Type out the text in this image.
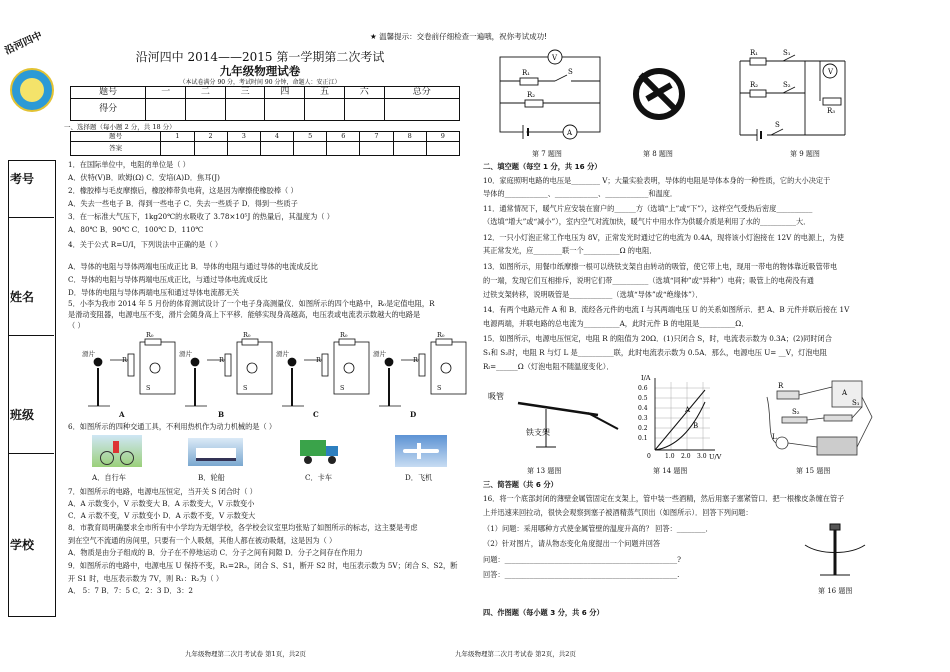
沿河四中
考号
姓名
班级
学校
★ 温馨提示：交卷前仔细检查一遍哦，祝你考试成功!
沿河四中 2014——2015 第一学期第二次考试
九年级物理试卷
（本试卷满分 90 分，考试时间 90 分钟，命题人：安正江）
题号	一	二	三	四	五	六	总分
得分							
一、选择题（每小题 2 分，共 18 分）
题号	1	2	3	4	5	6	7	8	9
答案									
1．在国际单位中，电阻的单位是（ ）
A．伏特(V)B．欧姆(Ω) C．安培(A)D．焦耳(J)
2．橡胶棒与毛皮摩擦后，橡胶棒带负电荷，这是因为摩擦使橡胶棒（ ）
A．失去一些电子 B．得到一些电子 C．失去一些质子 D．得到一些质子
3．在一标准大气压下，1kg20℃的水吸收了 3.78×10⁵J 的热量后，其温度为（ ）
A．80℃ B．90℃ C．100℃ D．110℃
4．关于公式 R=U/I，下列说法中正确的是（ ）
A．导体的电阻与导体两端电压成正比 B．导体的电阻与通过导体的电流成反比
C．导体的电阻与导体两端电压成正比，与通过导体电流成反比
D．导体的电阻与导体两端电压和通过导体电流都无关
5．小李为我市 2014 年 5 月份的体育测试设计了一个电子身高测量仪．如图所示的四个电路中，R₀是定值电阻，R
是滑动变阻器，电源电压不变，滑片会随身高上下平移．能够实现身高越高，电压表或电流表示数越大的电路是
（ ）
滑片
R₀
R
S
滑片
R₀
R
S
滑片
R₀
R
S
滑片
R₀
R
S
A	B	C	D
6．如图所示的四种交通工具，不利用热机作为动力机械的是（ ）
A．自行车	B．轮船	C．卡车	D．飞机
7．如图所示的电路，电源电压恒定，当开关 S 闭合时（ ）
A．A 示数变小，V 示数变大 B．A 示数变大，V 示数变小
C．A 示数不变，V 示数变小 D．A 示数不变，V 示数变大
8．市教育局明确要求全市所有中小学均为无烟学校，各学校会议室里均张贴了如图所示的标志，这主要是考虑
到在空气不流通的房间里，只要有一个人吸烟，其他人都在被动吸烟，这是因为（ ）
A．物质是由分子组成的 B．分子在不停地运动 C．分子之间有间隙 D．分子之间存在作用力
9．如图所示的电路中，电源电压 U 保持不变，R₁=2R₂，闭合 S、S1，断开 S2 时，电压表示数为 5V；闭合 S、S2，断
开 S1 时，电压表示数为 7V，则 R₁：R₂为（ ）
A． 5：7 B．7：5 C．2：3 D．3：2
V
A
R₁
R₂
S
R₁	S₁
R₂	S₂
V
R₃
S
第 7 题图	第 8 题图	第 9 题图
二、填空题（每空 1 分，共 16 分）
10．家庭照明电路的电压是________ V；大量实验表明，导体的电阻是导体本身的一种性质，它的大小决定于
导体的____________、____________、____________和温度．
11．通常情况下，暖气片应安装在窗户的______方（选填“上”或“下”），这样空气受热后密度__________
（选填“增大”或“减小”），室内空气对流加快，暖气片中用水作为供暖介质是利用了水的__________大．
12．一只小灯泡正常工作电压为 8V，正常发光时通过它的电流为 0.4A，现将该小灯泡接在 12V 的电源上，为使
其正常发光，应________联一个__________Ω 的电阻．
13．如图所示，用餐巾纸摩擦一根可以绕铁支架自由转动的吸管，使它带上电，现用一带电的物体靠近吸管带电
的一端，发现它们互相排斥，说明它们带__________（选填“同种”或“异种”）电荷；吸管上的电荷没有通
过铁支架转移，说明吸管是____________（选填“导体”或“绝缘体”）．
14．有两个电路元件 A 和 B．流经各元件的电流 I 与其两端电压 U 的关系如图所示．把 A、B 元件并联后接在 1V
电源两端，并联电路的总电流为__________A，此时元件 B 的电阻是__________Ω．
15．如图所示，电源电压恒定，电阻 R 的阻值为 20Ω．(1)只闭合 S，时，电流表示数为 0.3A；(2)同时闭合
S₁和 S₂时，电阻 R 与灯 L 是__________联，此时电流表示数为 0.5A．那么，电源电压 U= __V，灯泡电阻
Rₗ=______Ω（灯泡电阻不随温度变化）．
吸管
铁支架
I/A
U/V
0.6
0.5
0.4
0.3
0.2
0.1
0 1.0 2.0 3.0
A
B
R
S₁
S₂
L
A
第 13 题图	第 14 题图	第 15 题图
三、简答题（共 6 分）
16．将一个底部封闭的薄壁金属管固定在支架上，管中装一些酒精，然后用塞子塞紧管口．把一根橡皮条缠在管子
上并迅速来回拉动，很快会观察到塞子被酒精蒸气顶出（如图所示）．回答下列问题：
（1）问题：采用哪种方式使金属管壁的温度升高的？ 回答：________．
（2）针对图片，请从物态变化角度提出一个问题并回答
问题：________________________________________________?
回答：________________________________________________.
第 16 题图
四、作图题（每小题 3 分，共 6 分）
九年级物理第二次月考试卷 第1页，共2页	九年级物理第二次月考试卷 第2页，共2页
